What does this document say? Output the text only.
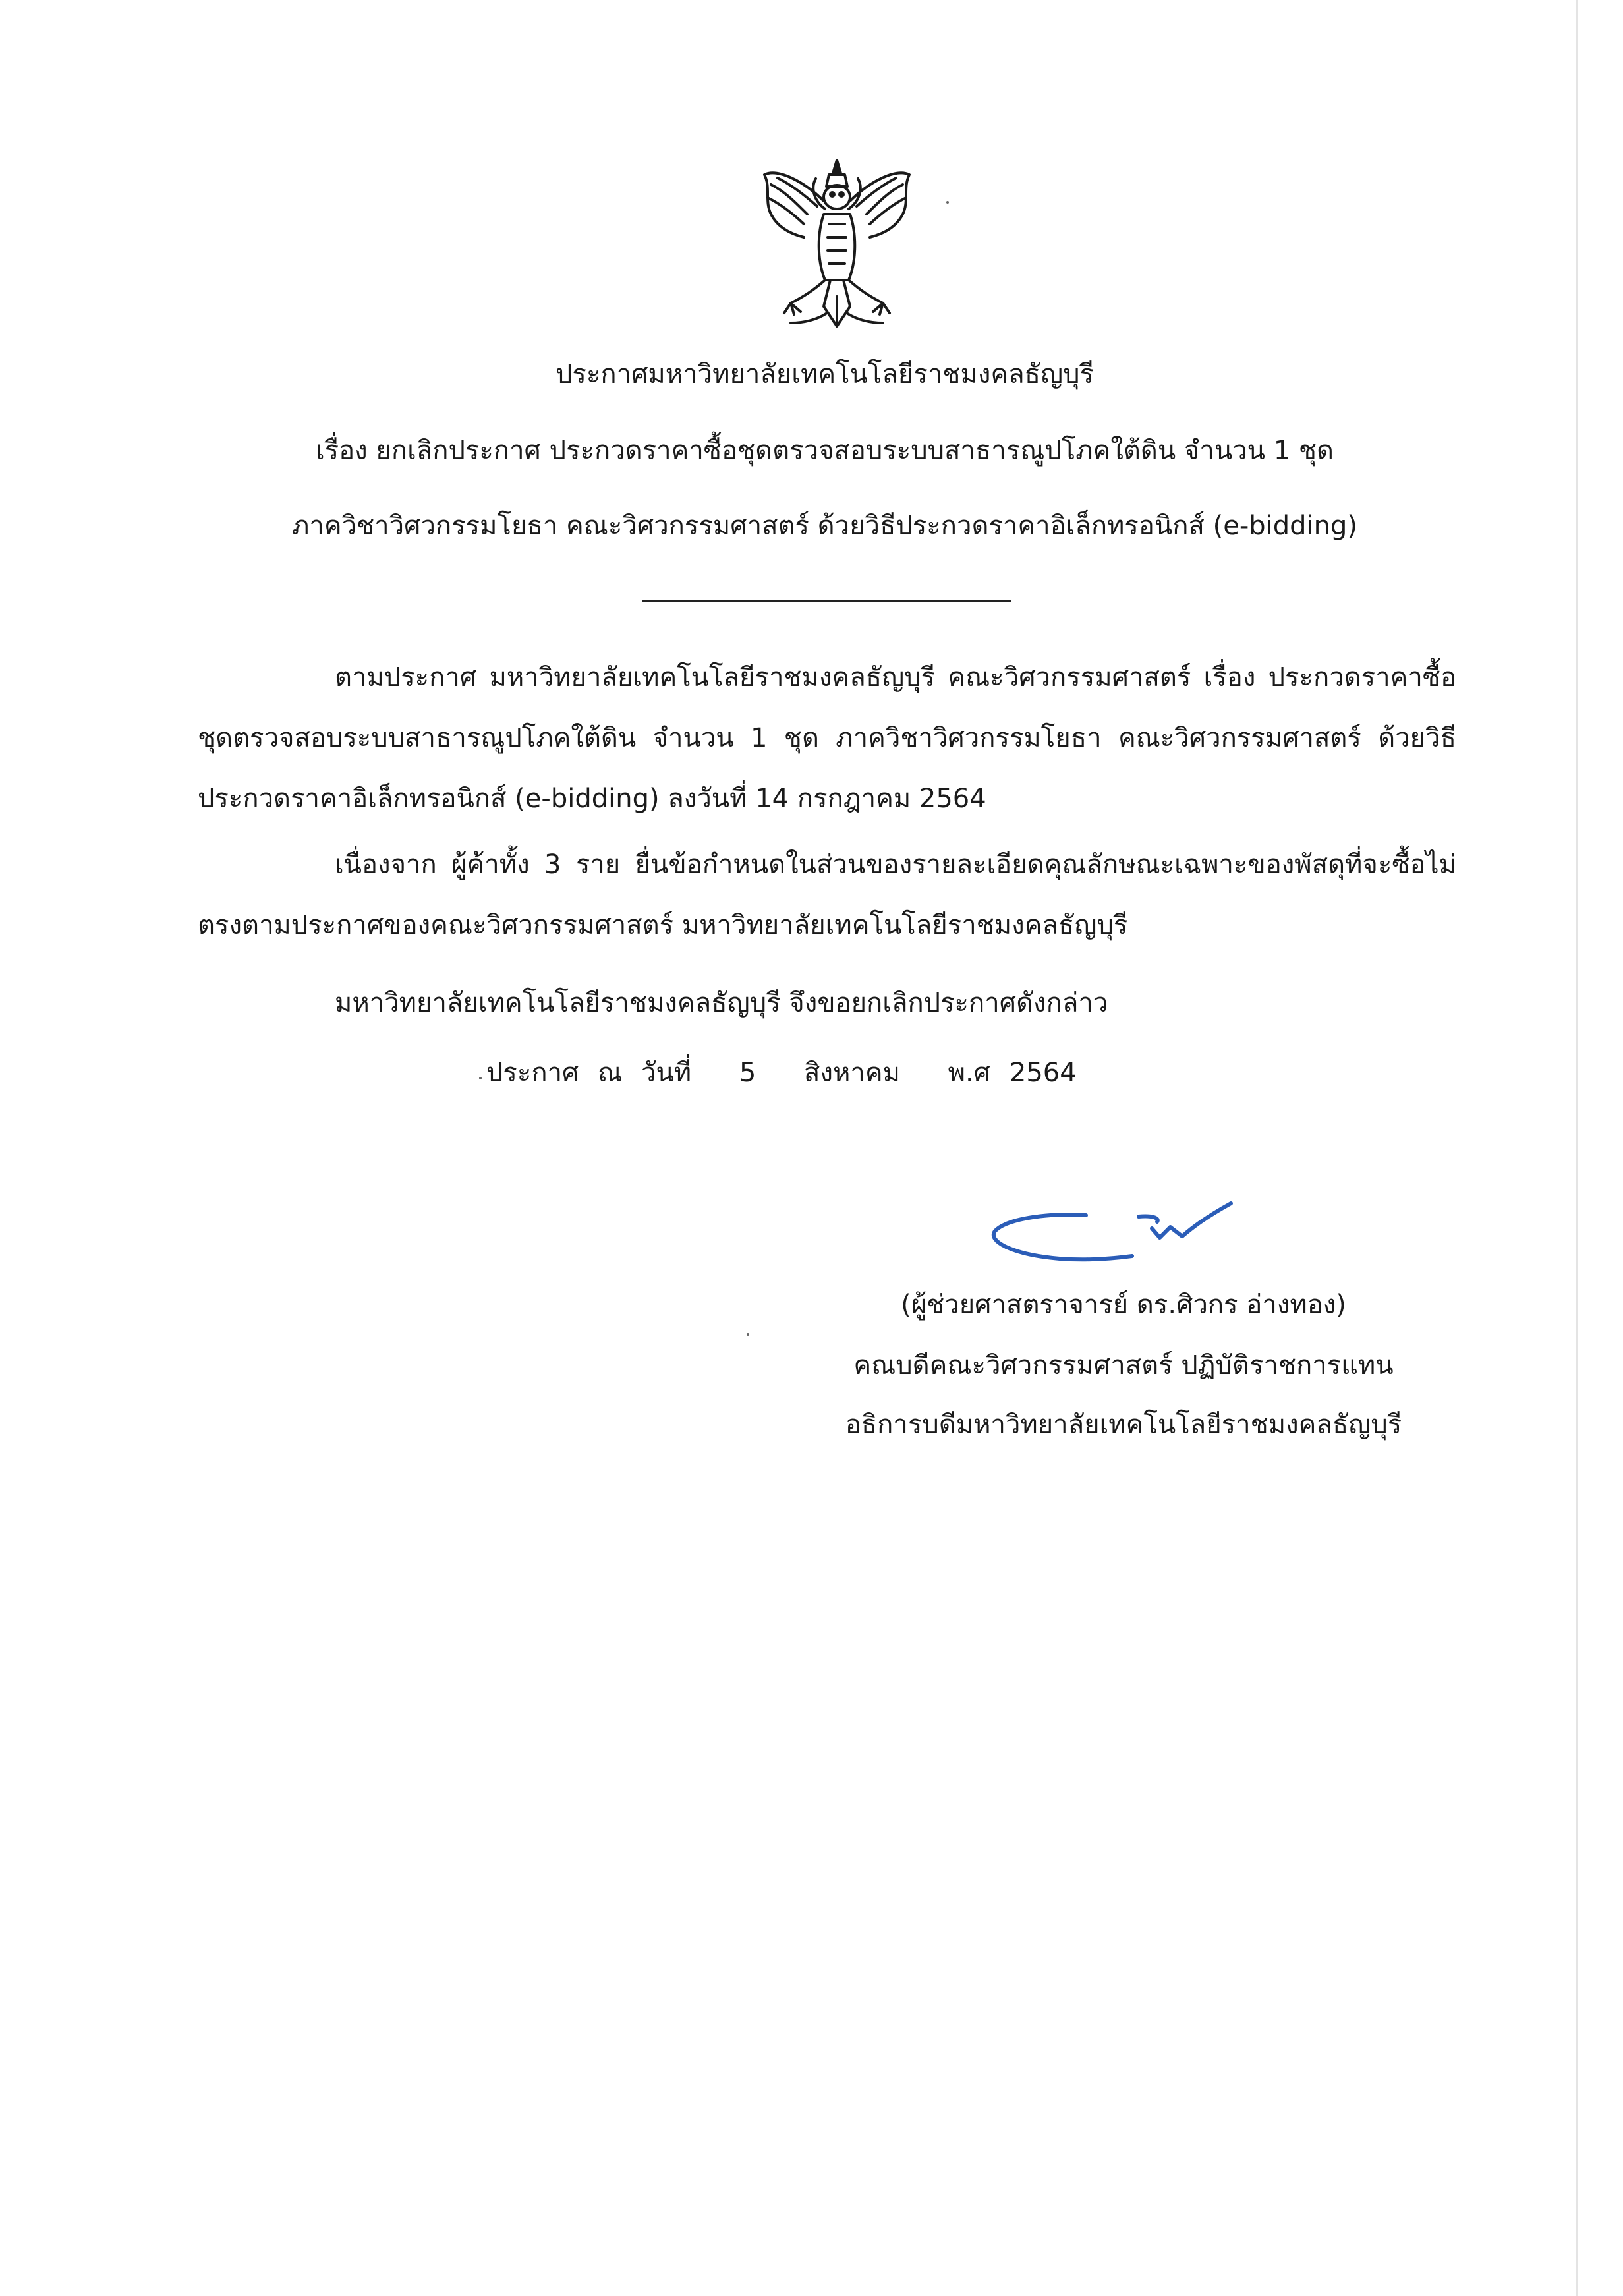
ประกาศมหาวิทยาลัยเทคโนโลยีราชมงคลธัญบุรี
เรื่อง ยกเลิกประกาศ ประกวดราคาซื้อชุดตรวจสอบระบบสาธารณูปโภคใต้ดิน จำนวน 1 ชุด
ภาควิชาวิศวกรรมโยธา คณะวิศวกรรมศาสตร์ ด้วยวิธีประกวดราคาอิเล็กทรอนิกส์ (e-bidding)
ตามประกาศ มหาวิทยาลัยเทคโนโลยีราชมงคลธัญบุรี คณะวิศวกรรมศาสตร์ เรื่อง ประกวดราคาซื้อชุดตรวจสอบระบบสาธารณูปโภคใต้ดิน จำนวน 1 ชุด ภาควิชาวิศวกรรมโยธา คณะวิศวกรรมศาสตร์ ด้วยวิธีประกวดราคาอิเล็กทรอนิกส์ (e-bidding) ลงวันที่ 14 กรกฎาคม 2564
เนื่องจาก ผู้ค้าทั้ง 3 ราย ยื่นข้อกำหนดในส่วนของรายละเอียดคุณลักษณะเฉพาะของพัสดุที่จะซื้อไม่ตรงตามประกาศของคณะวิศวกรรมศาสตร์ มหาวิทยาลัยเทคโนโลยีราชมงคลธัญบุรี
มหาวิทยาลัยเทคโนโลยีราชมงคลธัญบุรี จึงขอยกเลิกประกาศดังกล่าว
ประกาศ ณ วันที่ 5 สิงหาคม พ.ศ 2564
(ผู้ช่วยศาสตราจารย์ ดร.ศิวกร อ่างทอง)
คณบดีคณะวิศวกรรมศาสตร์ ปฏิบัติราชการแทน
อธิการบดีมหาวิทยาลัยเทคโนโลยีราชมงคลธัญบุรี
